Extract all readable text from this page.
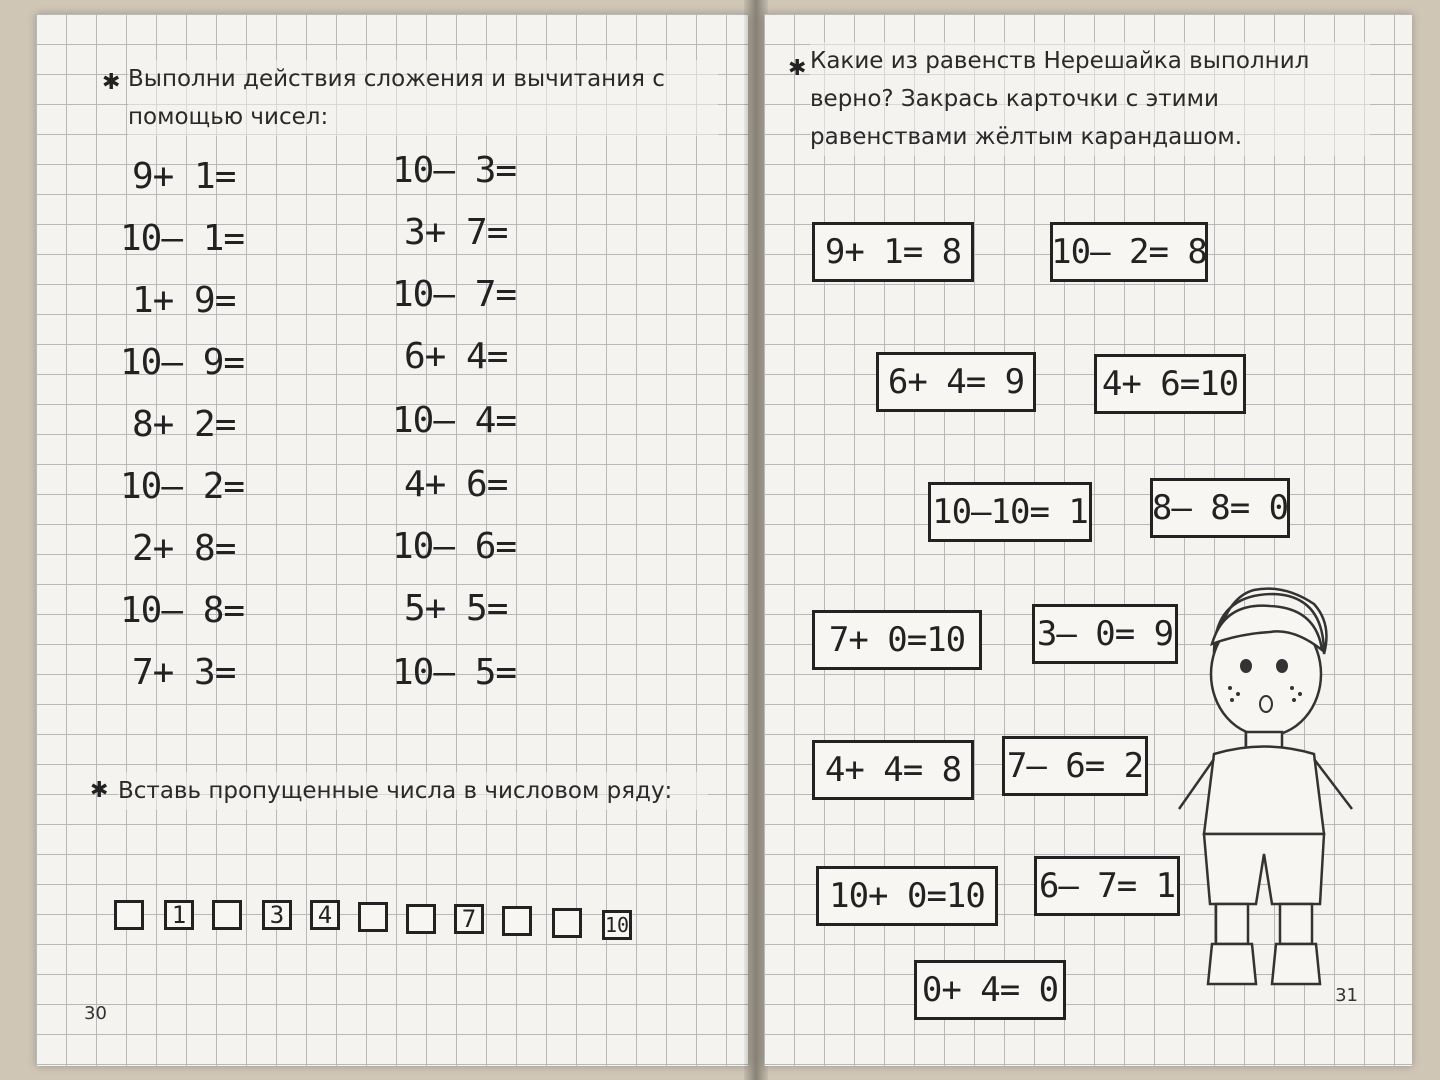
✱ Выполни действия сложения и вычитания с помощью чисел:
9+ 1=
10– 1=
1+ 9=
10– 9=
8+ 2=
10– 2=
2+ 8=
10– 8=
7+ 3=
10– 3=
3+ 7=
10– 7=
6+ 4=
10– 4=
4+ 6=
10– 6=
5+ 5=
10– 5=
✱ Вставь пропущенные числа в числовом ряду:
1	3	4	7	10
30
✱ Какие из равенств Нерешайка выполнил верно? Закрась карточки с этими равенствами жёлтым карандашом.
9+ 1= 8	10– 2= 8
6+ 4= 9	4+ 6=10
10–10= 1 8– 8= 0
7+ 0=10	3– 0= 9
4+ 4= 8	7– 6= 2
10+ 0=10	6– 7= 1
0+ 4= 0	31
